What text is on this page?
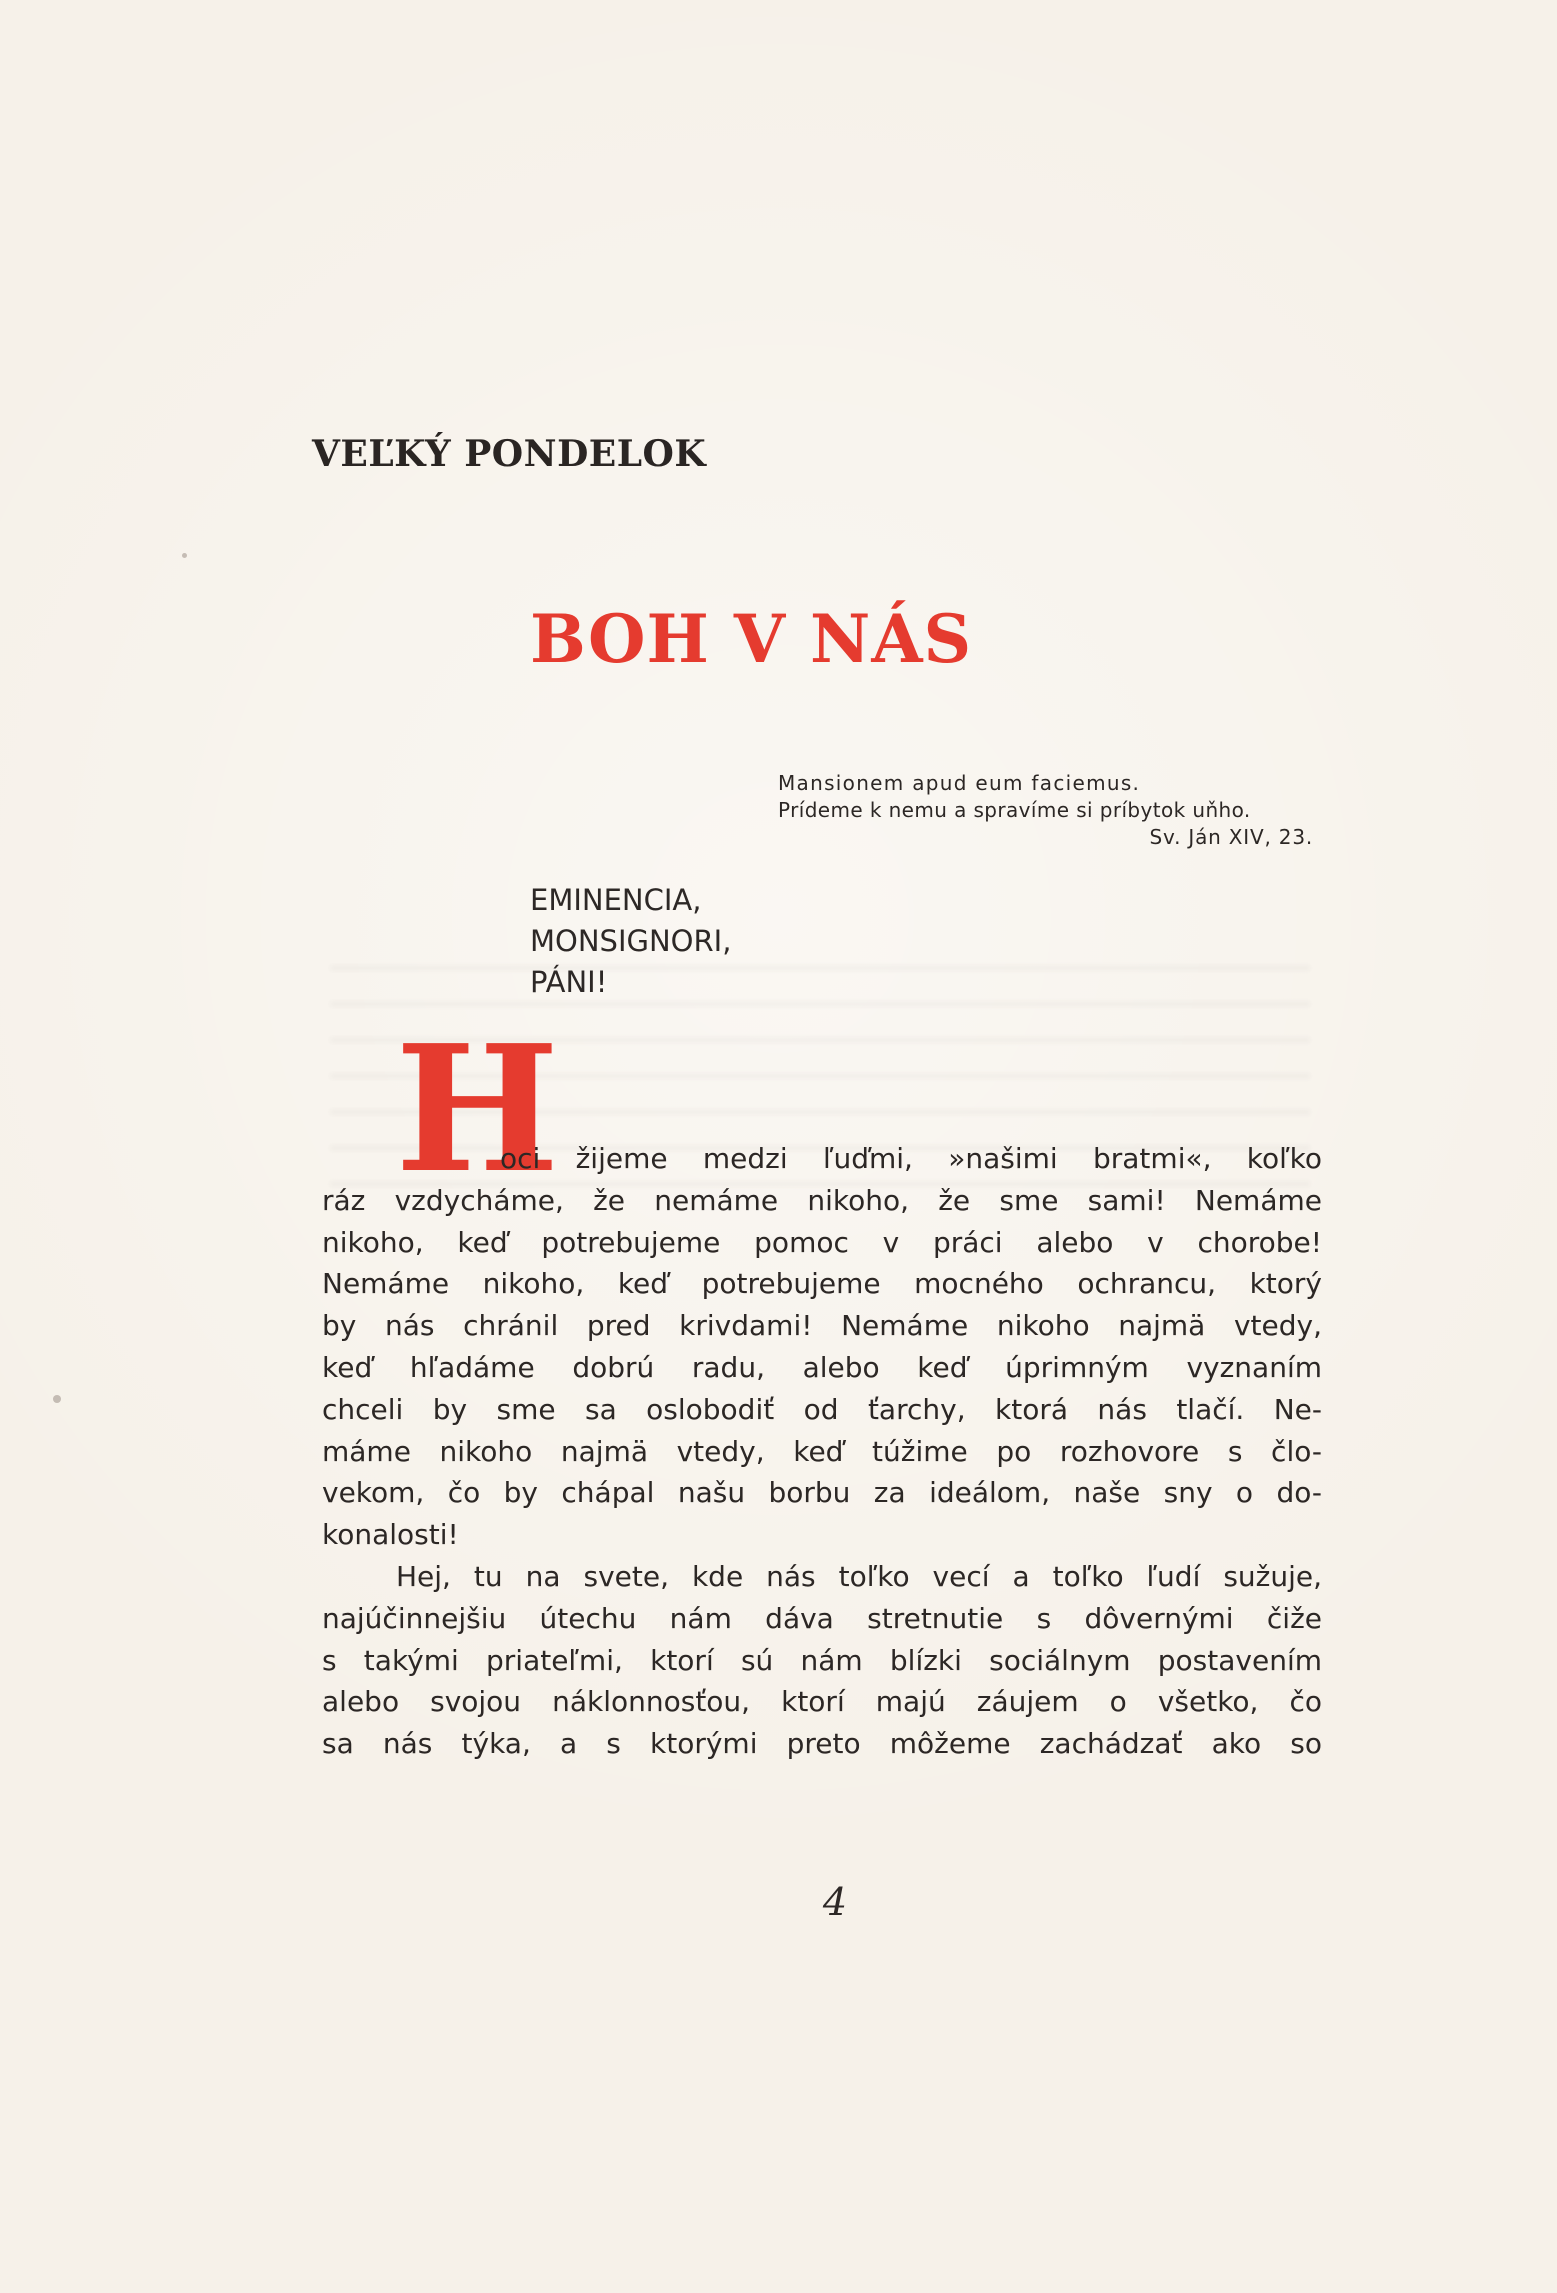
VEĽKÝ PONDELOK
BOH V NÁS
Mansionem apud eum faciemus.
Prídeme k nemu a spravíme si príbytok uňho.
Sv. Ján XIV, 23.
EMINENCIA,
MONSIGNORI,
PÁNI!
H
oci žijeme medzi ľuďmi, »našimi bratmi«, koľko
ráz vzdycháme, že nemáme nikoho, že sme sami! Nemáme
nikoho, keď potrebujeme pomoc v práci alebo v chorobe!
Nemáme nikoho, keď potrebujeme mocného ochrancu, ktorý
by nás chránil pred krivdami! Nemáme nikoho najmä vtedy,
keď hľadáme dobrú radu, alebo keď úprimným vyznaním
chceli by sme sa oslobodiť od ťarchy, ktorá nás tlačí. Ne-
máme nikoho najmä vtedy, keď túžime po rozhovore s člo-
vekom, čo by chápal našu borbu za ideálom, naše sny o do-
konalosti!
Hej, tu na svete, kde nás toľko vecí a toľko ľudí sužuje,
najúčinnejšiu útechu nám dáva stretnutie s dôvernými čiže
s takými priateľmi, ktorí sú nám blízki sociálnym postavením
alebo svojou náklonnosťou, ktorí majú záujem o všetko, čo
sa nás týka, a s ktorými preto môžeme zachádzať ako so
4
